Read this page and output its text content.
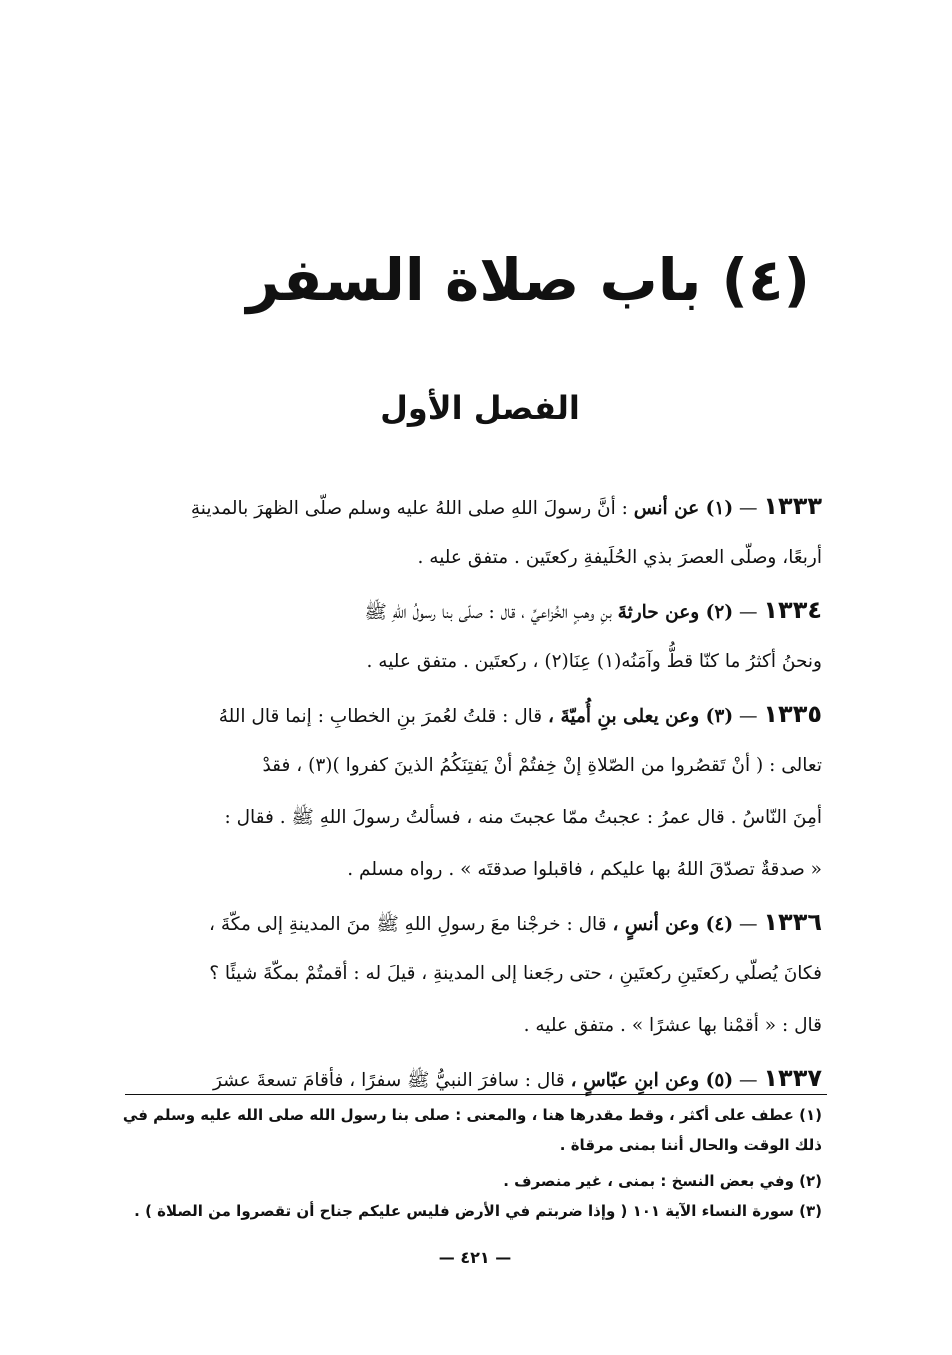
(٤) باب صلاة السفر
الفصل الأول
١٣٣٣ — (١) عن أنس : أنَّ رسولَ اللهِ صلى اللهُ عليه وسلم صلّى الظهرَ بالمدينةِ
أربعًا، وصلّى العصرَ بذي الحُلَيفةِ ركعتَين . متفق عليه .
١٣٣٤ — (٢) وعن حارثةَ بنِ وهبٍ الخُزاعيِّ ، قال : صلّى بنا رسولُ اللهِ ﷺ
ونحنُ أكثرُ ما كنّا قطُّ وآمَنُه(١) عِنَا(٢) ، ركعتَين . متفق عليه .
١٣٣٥ — (٣) وعن يعلى بنِ أُميّةَ ، قال : قلتُ لعُمرَ بنِ الخطابِ : إنما قال اللهُ
تعالى : ( أنْ تَقصُروا من الصّلاةِ إنْ خِفتُمْ أنْ يَفتِنَكُمُ الذينَ كفروا )(٣) ، فقدْ
أمِنَ النّاسُ . قال عمرُ : عجبتُ ممّا عجبتَ منه ، فسألتُ رسولَ اللهِ ﷺ . فقال :
« صدقةٌ تصدّقَ اللهُ بها عليكم ، فاقبلوا صدقتَه » . رواه مسلم .
١٣٣٦ — (٤) وعن أنسٍ ، قال : خرجْنا معَ رسولِ اللهِ ﷺ منَ المدينةِ إلى مكّةَ ،
فكانَ يُصلّي ركعتَينِ ركعتَينِ ، حتى رجَعنا إلى المدينةِ ، قيلَ له : أقمتُمْ بمكّةَ شيئًا ؟
قال : « أقمْنا بها عشرًا » . متفق عليه .
١٣٣٧ — (٥) وعن ابنِ عبّاسٍ ، قال : سافرَ النبيُّ ﷺ سفرًا ، فأقامَ تسعةَ عشرَ
(١) عطف على أكثر ، وقط مقدرها هنا ، والمعنى : صلى بنا رسول الله صلى الله عليه وسلم في
ذلك الوقت والحال أننا بمنى مرقاة .
(٢) وفي بعض النسخ : بمنى ، غير منصرف .
(٣) سورة النساء الآية ١٠١ ( وإذا ضربتم في الأرض فليس عليكم جناح أن تقصروا من الصلاة ) .
— ٤٢١ —
